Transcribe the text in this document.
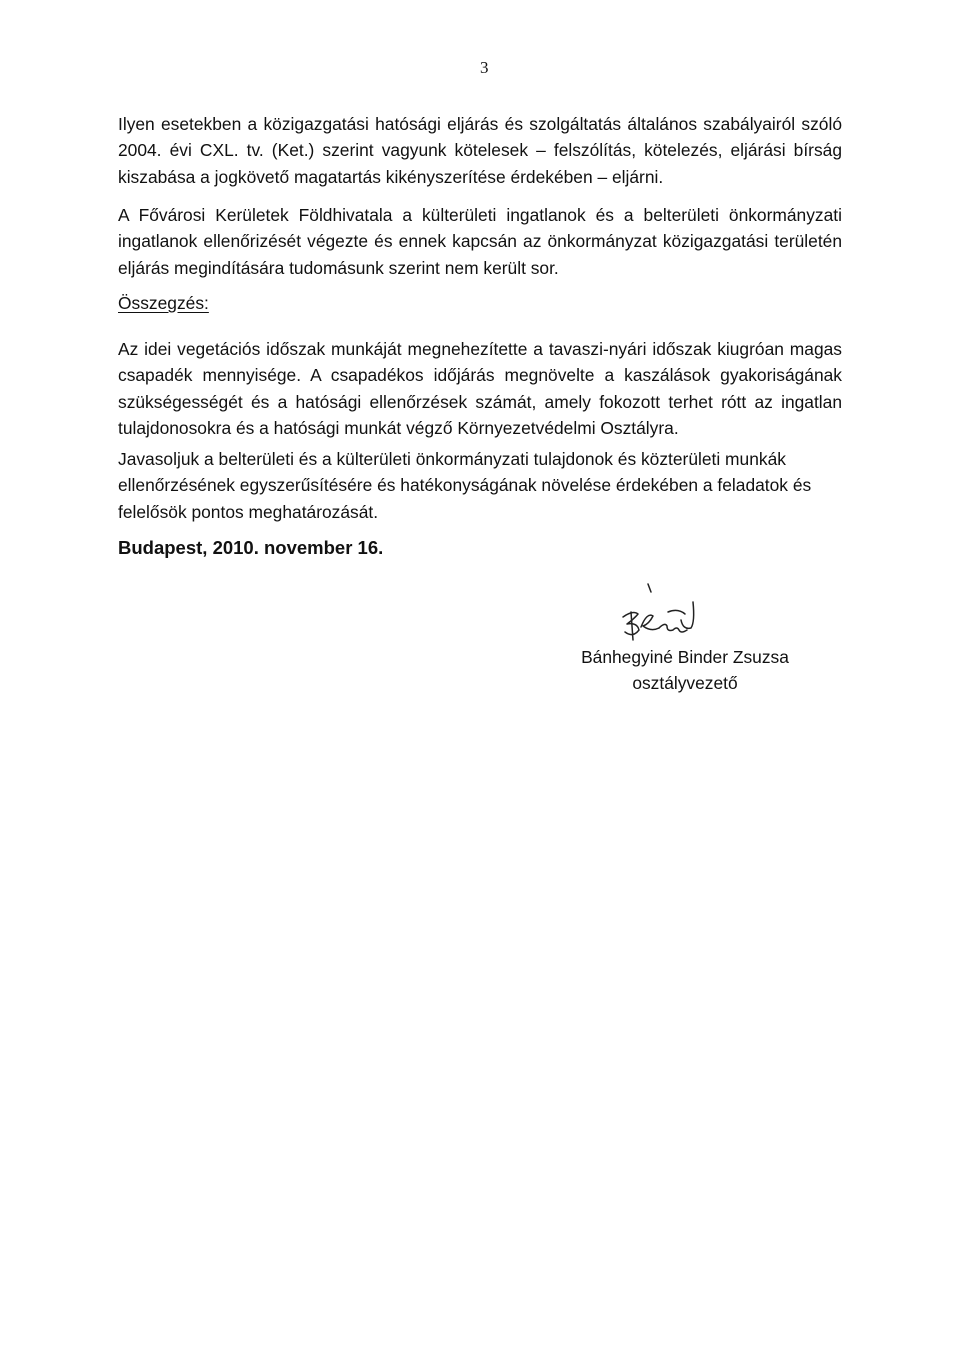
3
Ilyen esetekben a közigazgatási hatósági eljárás és szolgáltatás általános szabályairól szóló 2004. évi CXL. tv. (Ket.) szerint vagyunk kötelesek – felszólítás, kötelezés, eljárási bírság kiszabása a jogkövető magatartás kikényszerítése érdekében – eljárni.
A Fővárosi Kerületek Földhivatala a külterületi ingatlanok és a belterületi önkormányzati ingatlanok ellenőrizését végezte és ennek kapcsán az önkormányzat közigazgatási területén eljárás megindítására tudomásunk szerint nem került sor.
Összegzés:
Az idei vegetációs időszak munkáját megnehezítette a tavaszi-nyári időszak kiugróan magas csapadék mennyisége. A csapadékos időjárás megnövelte a kaszálások gyakoriságának szükségességét és a hatósági ellenőrzések számát, amely fokozott terhet rótt az ingatlan tulajdonosokra és a hatósági munkát végző Környezetvédelmi Osztályra.
Javasoljuk a belterületi és a külterületi önkormányzati tulajdonok és közterületi munkák ellenőrzésének egyszerűsítésére és hatékonyságának növelése érdekében a feladatok és felelősök pontos meghatározását.
Budapest, 2010. november 16.
Bánhegyiné Binder Zsuzsa
osztályvezető
